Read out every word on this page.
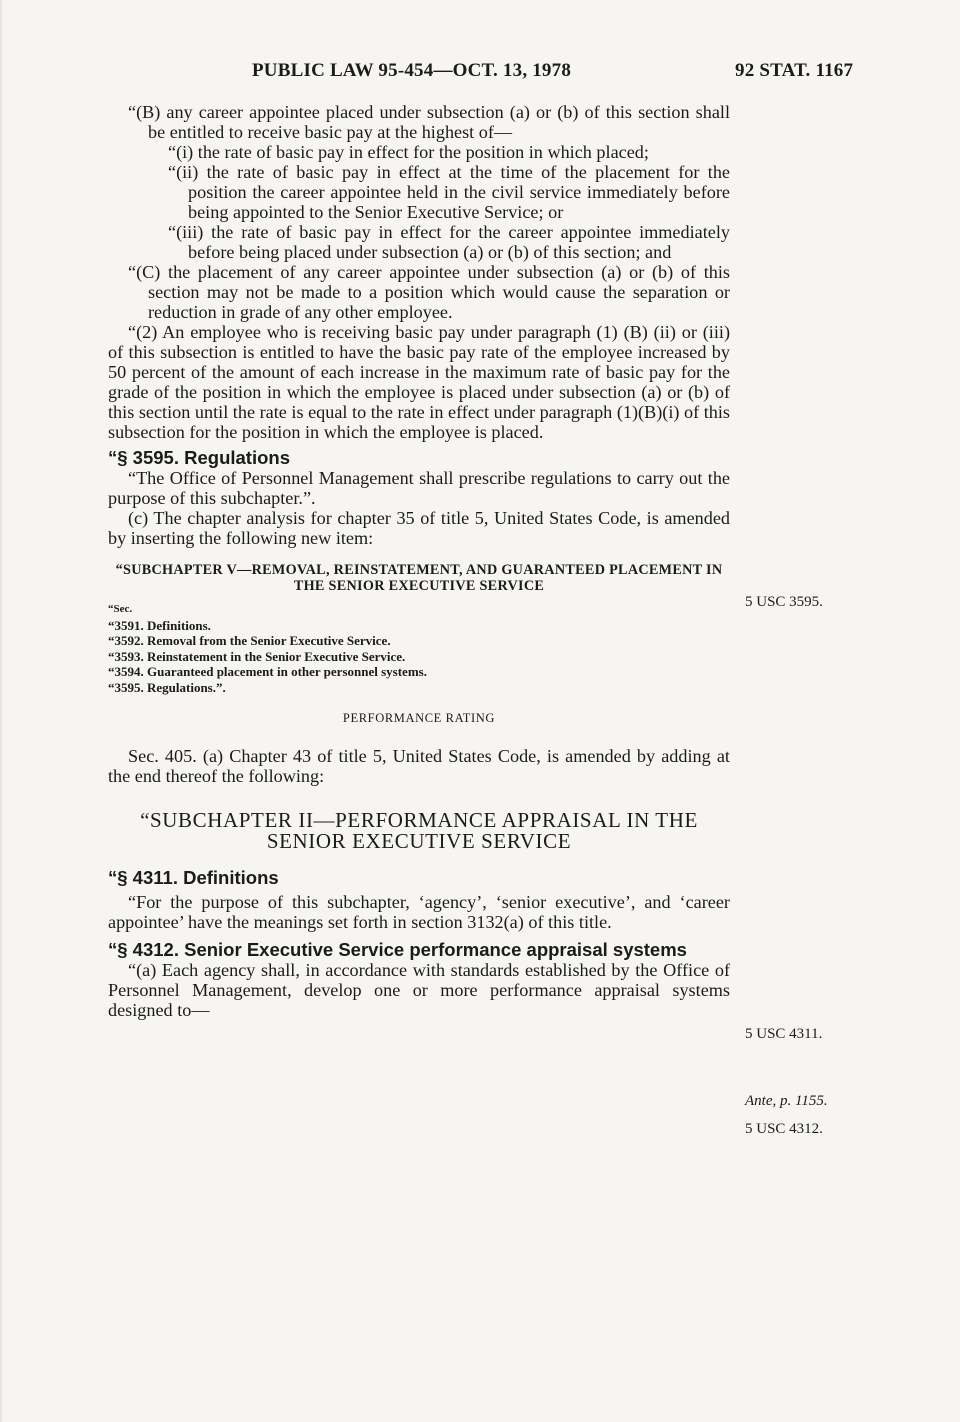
PUBLIC LAW 95-454—OCT. 13, 1978	92 STAT. 1167

“(B) any career appointee placed under subsection (a) or (b) of this section shall be entitled to receive basic pay at the highest of—

“(i) the rate of basic pay in effect for the position in which placed;

“(ii) the rate of basic pay in effect at the time of the placement for the position the career appointee held in the civil service immediately before being appointed to the Senior Executive Service; or

“(iii) the rate of basic pay in effect for the career appointee immediately before being placed under subsection (a) or (b) of this section; and

“(C) the placement of any career appointee under subsection (a) or (b) of this section may not be made to a position which would cause the separation or reduction in grade of any other employee.

“(2) An employee who is receiving basic pay under paragraph (1) (B) (ii) or (iii) of this subsection is entitled to have the basic pay rate of the employee increased by 50 percent of the amount of each increase in the maximum rate of basic pay for the grade of the position in which the employee is placed under subsection (a) or (b) of this section until the rate is equal to the rate in effect under paragraph (1)(B)(i) of this subsection for the position in which the employee is placed.

“§ 3595. Regulations

“The Office of Personnel Management shall prescribe regulations to carry out the purpose of this subchapter.”.

(c) The chapter analysis for chapter 35 of title 5, United States Code, is amended by inserting the following new item:

“SUBCHAPTER V—REMOVAL, REINSTATEMENT, AND GUARANTEED PLACEMENT IN THE SENIOR EXECUTIVE SERVICE
“Sec.
“3591. Definitions.
“3592. Removal from the Senior Executive Service.
“3593. Reinstatement in the Senior Executive Service.
“3594. Guaranteed placement in other personnel systems.
“3595. Regulations.”.
PERFORMANCE RATING

Sec. 405. (a) Chapter 43 of title 5, United States Code, is amended by adding at the end thereof the following:

“SUBCHAPTER II—PERFORMANCE APPRAISAL IN THE SENIOR EXECUTIVE SERVICE
“§ 4311. Definitions

“For the purpose of this subchapter, ‘agency’, ‘senior executive’, and ‘career appointee’ have the meanings set forth in section 3132(a) of this title.

“§ 4312. Senior Executive Service performance appraisal systems

“(a) Each agency shall, in accordance with standards established by the Office of Personnel Management, develop one or more performance appraisal systems designed to—

5 USC 3595.
5 USC 4311.
Ante, p. 1155.
5 USC 4312.
